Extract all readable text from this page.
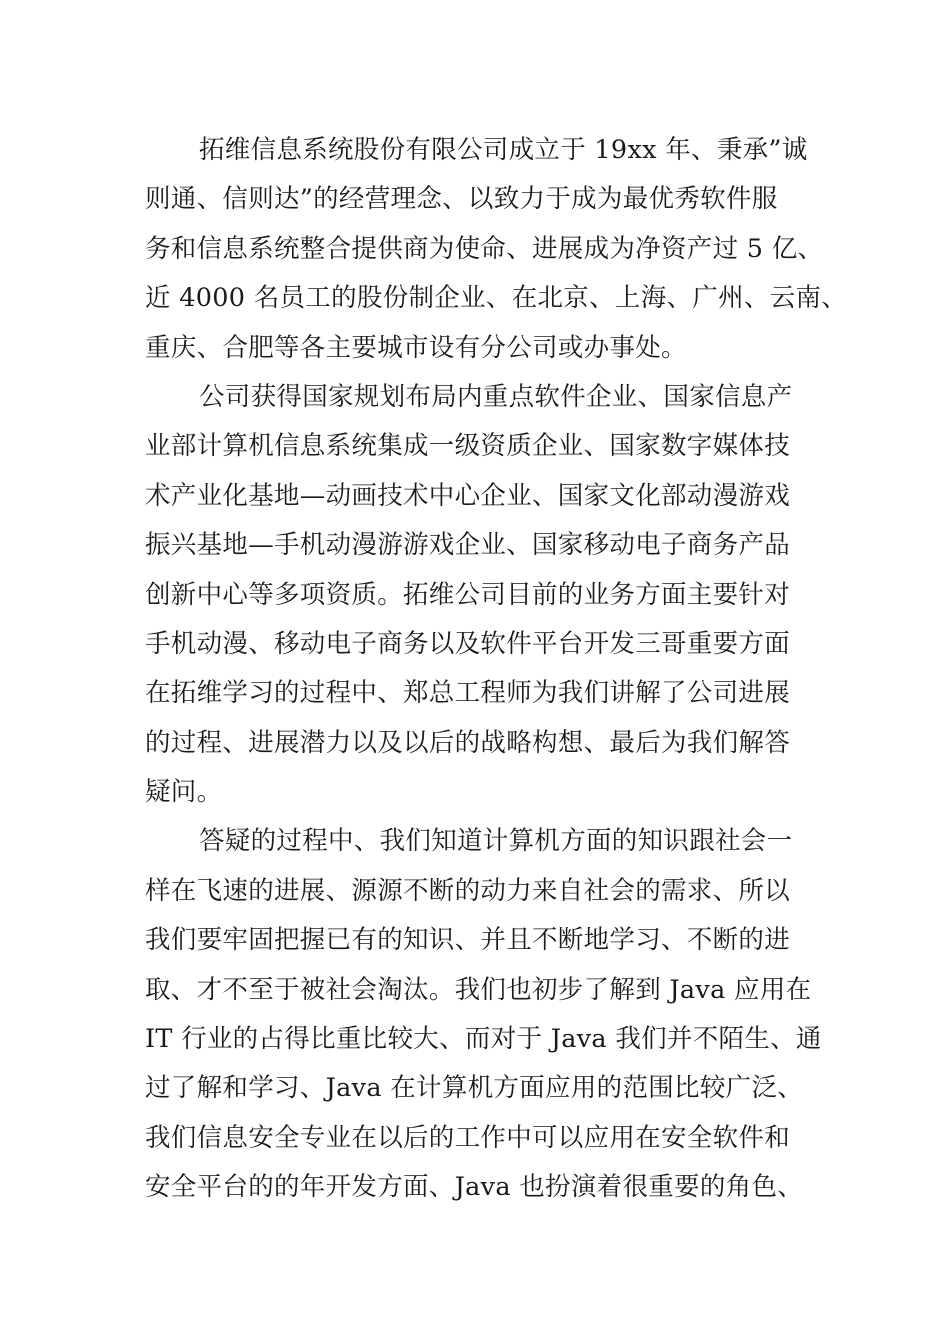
拓维信息系统股份有限公司成立于 19xx 年、秉承”诚
则通、信则达”的经营理念、以致力于成为最优秀软件服
务和信息系统整合提供商为使命、进展成为净资产过 5 亿、
近 4000 名员工的股份制企业、在北京、上海、广州、云南、
重庆、合肥等各主要城市设有分公司或办事处。
公司获得国家规划布局内重点软件企业、国家信息产
业部计算机信息系统集成一级资质企业、国家数字媒体技
术产业化基地—动画技术中心企业、国家文化部动漫游戏
振兴基地—手机动漫游游戏企业、国家移动电子商务产品
创新中心等多项资质。拓维公司目前的业务方面主要针对
手机动漫、移动电子商务以及软件平台开发三哥重要方面
在拓维学习的过程中、郑总工程师为我们讲解了公司进展
的过程、进展潜力以及以后的战略构想、最后为我们解答
疑问。
答疑的过程中、我们知道计算机方面的知识跟社会一
样在飞速的进展、源源不断的动力来自社会的需求、所以
我们要牢固把握已有的知识、并且不断地学习、不断的进
取、才不至于被社会淘汰。我们也初步了解到 Java 应用在
IT 行业的占得比重比较大、而对于 Java 我们并不陌生、通
过了解和学习、Java 在计算机方面应用的范围比较广泛、
我们信息安全专业在以后的工作中可以应用在安全软件和
安全平台的的年开发方面、Java 也扮演着很重要的角色、
